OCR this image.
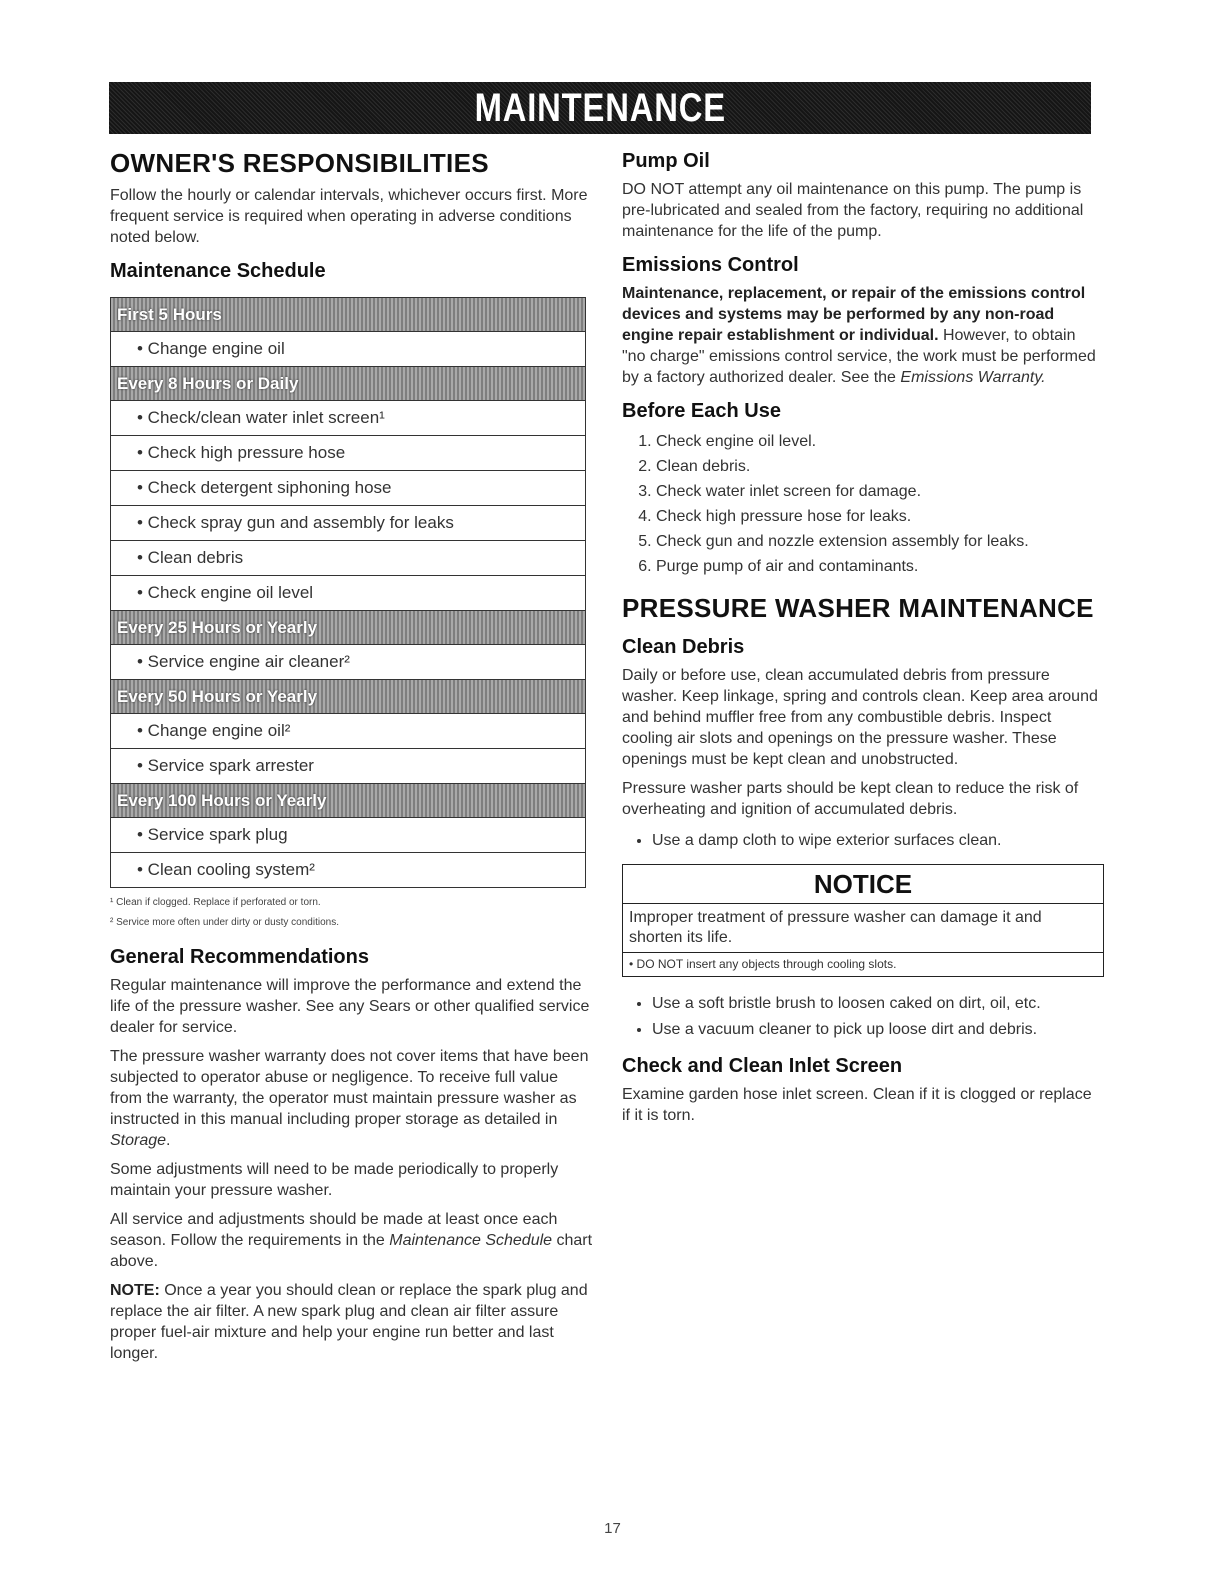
MAINTENANCE
OWNER'S RESPONSIBILITIES

Follow the hourly or calendar intervals, whichever occurs first. More frequent service is required when operating in adverse conditions noted below.

Maintenance Schedule
First 5 Hours
• Change engine oil
Every 8 Hours or Daily
• Check/clean water inlet screen¹
• Check high pressure hose
• Check detergent siphoning hose
• Check spray gun and assembly for leaks
• Clean debris
• Check engine oil level
Every 25 Hours or Yearly
• Service engine air cleaner²
Every 50 Hours or Yearly
• Change engine oil²
• Service spark arrester
Every 100 Hours or Yearly
• Service spark plug
• Clean cooling system²
¹ Clean if clogged. Replace if perforated or torn.
² Service more often under dirty or dusty conditions.
General Recommendations

Regular maintenance will improve the performance and extend the life of the pressure washer. See any Sears or other qualified service dealer for service.

The pressure washer warranty does not cover items that have been subjected to operator abuse or negligence. To receive full value from the warranty, the operator must maintain pressure washer as instructed in this manual including proper storage as detailed in Storage.

Some adjustments will need to be made periodically to properly maintain your pressure washer.

All service and adjustments should be made at least once each season. Follow the requirements in the Maintenance Schedule chart above.

NOTE: Once a year you should clean or replace the spark plug and replace the air filter. A new spark plug and clean air filter assure proper fuel-air mixture and help your engine run better and last longer.

Pump Oil

DO NOT attempt any oil maintenance on this pump. The pump is pre-lubricated and sealed from the factory, requiring no additional maintenance for the life of the pump.

Emissions Control

Maintenance, replacement, or repair of the emissions control devices and systems may be performed by any non-road engine repair establishment or individual. However, to obtain "no charge" emissions control service, the work must be performed by a factory authorized dealer. See the Emissions Warranty.

Before Each Use
1. Check engine oil level.
2. Clean debris.
3. Check water inlet screen for damage.
4. Check high pressure hose for leaks.
5. Check gun and nozzle extension assembly for leaks.
6. Purge pump of air and contaminants.
PRESSURE WASHER MAINTENANCE
Clean Debris

Daily or before use, clean accumulated debris from pressure washer. Keep linkage, spring and controls clean. Keep area around and behind muffler free from any combustible debris. Inspect cooling air slots and openings on the pressure washer. These openings must be kept clean and unobstructed.

Pressure washer parts should be kept clean to reduce the risk of overheating and ignition of accumulated debris.

• Use a damp cloth to wipe exterior surfaces clean.
NOTICE
Improper treatment of pressure washer can damage it and shorten its life.
• DO NOT insert any objects through cooling slots.
• Use a soft bristle brush to loosen caked on dirt, oil, etc.
• Use a vacuum cleaner to pick up loose dirt and debris.
Check and Clean Inlet Screen

Examine garden hose inlet screen. Clean if it is clogged or replace if it is torn.

17
